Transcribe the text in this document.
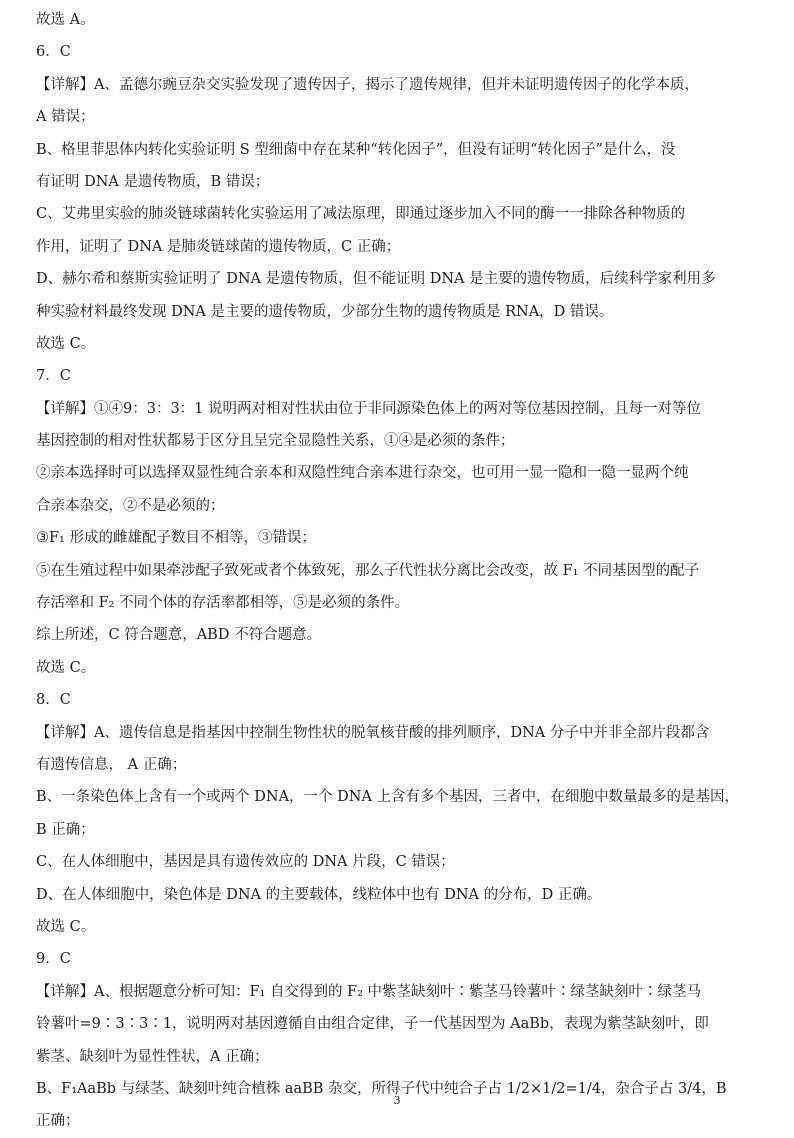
故选 A。
6．C
【详解】A、孟德尔豌豆杂交实验发现了遗传因子，揭示了遗传规律，但并未证明遗传因子的化学本质，
A 错误；
B、格里菲思体内转化实验证明 S 型细菌中存在某种“转化因子”，但没有证明“转化因子”是什么，没
有证明 DNA 是遗传物质，B 错误；
C、艾弗里实验的肺炎链球菌转化实验运用了减法原理，即通过逐步加入不同的酶一一排除各种物质的
作用，证明了 DNA 是肺炎链球菌的遗传物质，C 正确；
D、赫尔希和蔡斯实验证明了 DNA 是遗传物质，但不能证明 DNA 是主要的遗传物质，后续科学家利用多
种实验材料最终发现 DNA 是主要的遗传物质，少部分生物的遗传物质是 RNA，D 错误。
故选 C。
7．C
【详解】①④9：3：3：1 说明两对相对性状由位于非同源染色体上的两对等位基因控制，且每一对等位
基因控制的相对性状都易于区分且呈完全显隐性关系，①④是必须的条件；
②亲本选择时可以选择双显性纯合亲本和双隐性纯合亲本进行杂交，也可用一显一隐和一隐一显两个纯
合亲本杂交，②不是必须的；
③F₁ 形成的雌雄配子数目不相等，③错误；
⑤在生殖过程中如果牵涉配子致死或者个体致死，那么子代性状分离比会改变，故 F₁ 不同基因型的配子
存活率和 F₂ 不同个体的存活率都相等，⑤是必须的条件。
综上所述，C 符合题意，ABD 不符合题意。
故选 C。
8．C
【详解】A、遗传信息是指基因中控制生物性状的脱氧核苷酸的排列顺序，DNA 分子中并非全部片段都含
有遗传信息， A 正确；
B、一条染色体上含有一个或两个 DNA，一个 DNA 上含有多个基因，三者中，在细胞中数量最多的是基因，
B 正确；
C、在人体细胞中，基因是具有遗传效应的 DNA 片段，C 错误；
D、在人体细胞中，染色体是 DNA 的主要载体，线粒体中也有 DNA 的分布，D 正确。
故选 C。
9．C
【详解】A、根据题意分析可知：F₁ 自交得到的 F₂ 中紫茎缺刻叶∶紫茎马铃薯叶∶绿茎缺刻叶∶绿茎马
铃薯叶=9∶3∶3∶1，说明两对基因遵循自由组合定律，子一代基因型为 AaBb，表现为紫茎缺刻叶，即
紫茎、缺刻叶为显性性状，A 正确；
B、F₁AaBb 与绿茎、缺刻叶纯合植株 aaBB 杂交，所得子代中纯合子占 1/2×1/2=1/4，杂合子占 3/4，B
正确；
3
